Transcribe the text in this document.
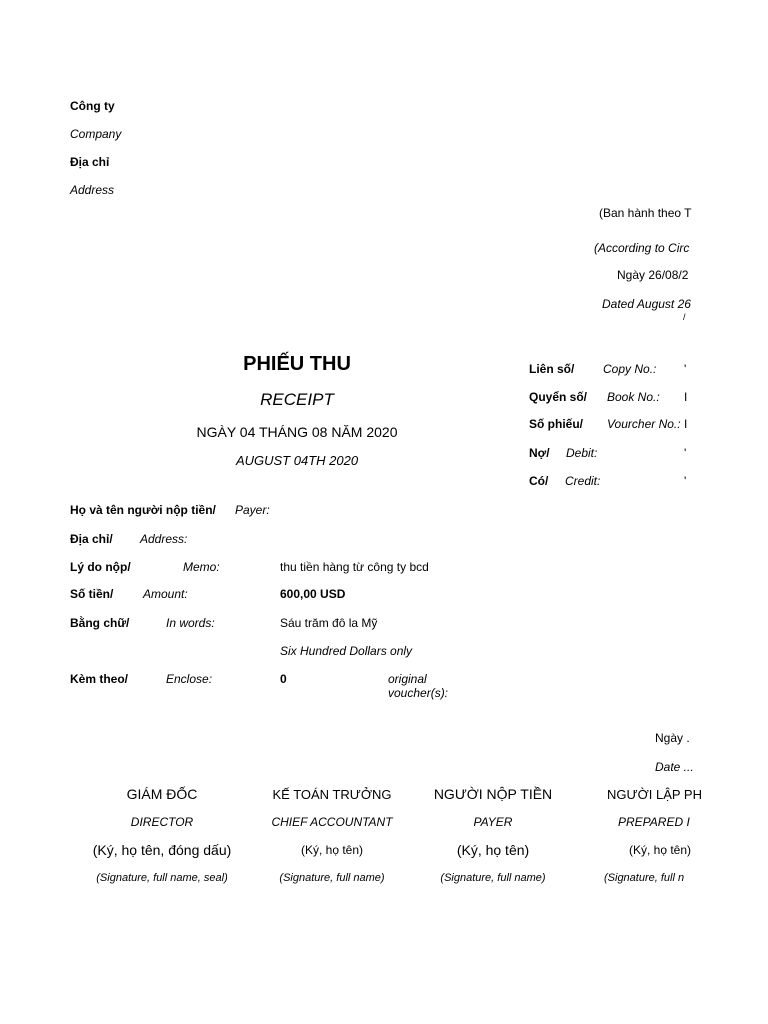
Công ty
Company
Địa chỉ
Address
(Ban hành theo T
(According to Circ
Ngày 26/08/2
Dated August 26
/
PHIẾU THU
RECEIPT
NGÀY 04 THÁNG 08 NĂM 2020
AUGUST 04TH 2020
Liên số/ Copy No.: '
Quyển số/ Book No.: I
Số phiếu/ Vourcher No.: I
Nợ/ Debit:	'
Có/ Credit:	'
Họ và tên người nộp tiền/ Payer:
Địa chỉ/ Address:
Lý do nộp/	Memo:	thu tiền hàng từ công ty bcd
Số tiền/ Amount:	600,00 USD
Bằng chữ/	In words:	Sáu trăm đô la Mỹ
Six Hundred Dollars only
Kèm theo/	Enclose:	0	original
voucher(s):
Ngày .
Date ...
GIÁM ĐỐC	KẾ TOÁN TRƯỞNG	NGƯỜI NỘP TIỀN	NGƯỜI LẬP PH
DIRECTOR	CHIEF ACCOUNTANT	PAYER	PREPARED I
(Ký, họ tên, đóng dấu)	(Ký, họ tên)	(Ký, họ tên)	(Ký, họ tên)
(Signature, full name, seal)	(Signature, full name)	(Signature, full name)	(Signature, full n
